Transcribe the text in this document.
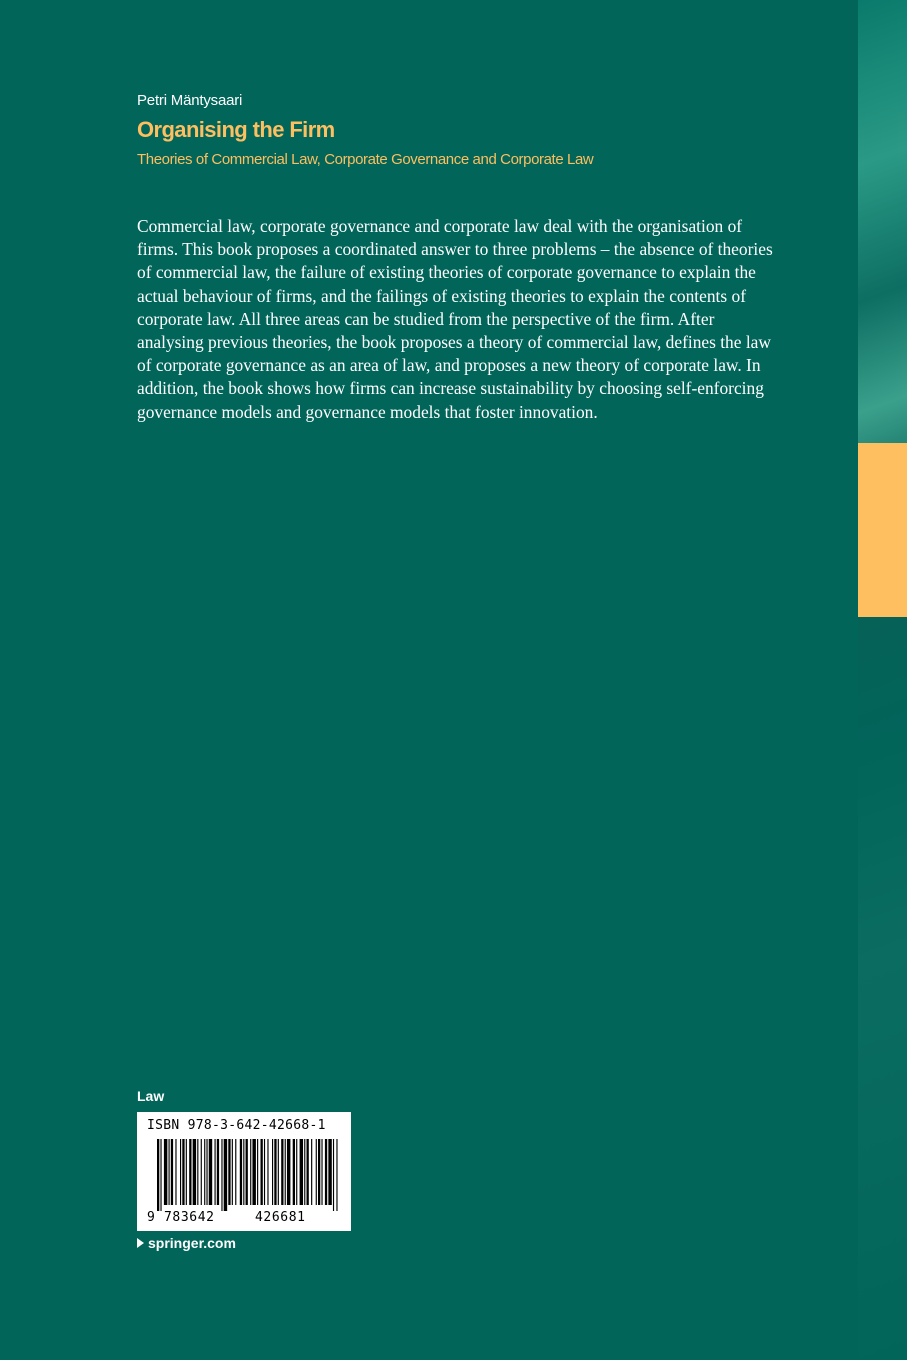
Petri Mäntysaari
Organising the Firm
Theories of Commercial Law, Corporate Governance and Corporate Law

Commercial law, corporate governance and corporate law deal with the organisation of firms. This book proposes a coordinated answer to three problems – the absence of theories of commercial law, the failure of existing theories of corporate governance to explain the actual behaviour of firms, and the failings of existing theories to explain the contents of corporate law. All three areas can be studied from the perspective of the firm. After analysing previous theories, the book proposes a theory of commercial law, defines the law of corporate governance as an area of law, and proposes a new theory of corporate law. In addition, the book shows how firms can increase sustainability by choosing self-enforcing governance models and governance models that foster innovation.

Law
ISBN 978-3-642-42668-1
9 783642	426681
springer.com
